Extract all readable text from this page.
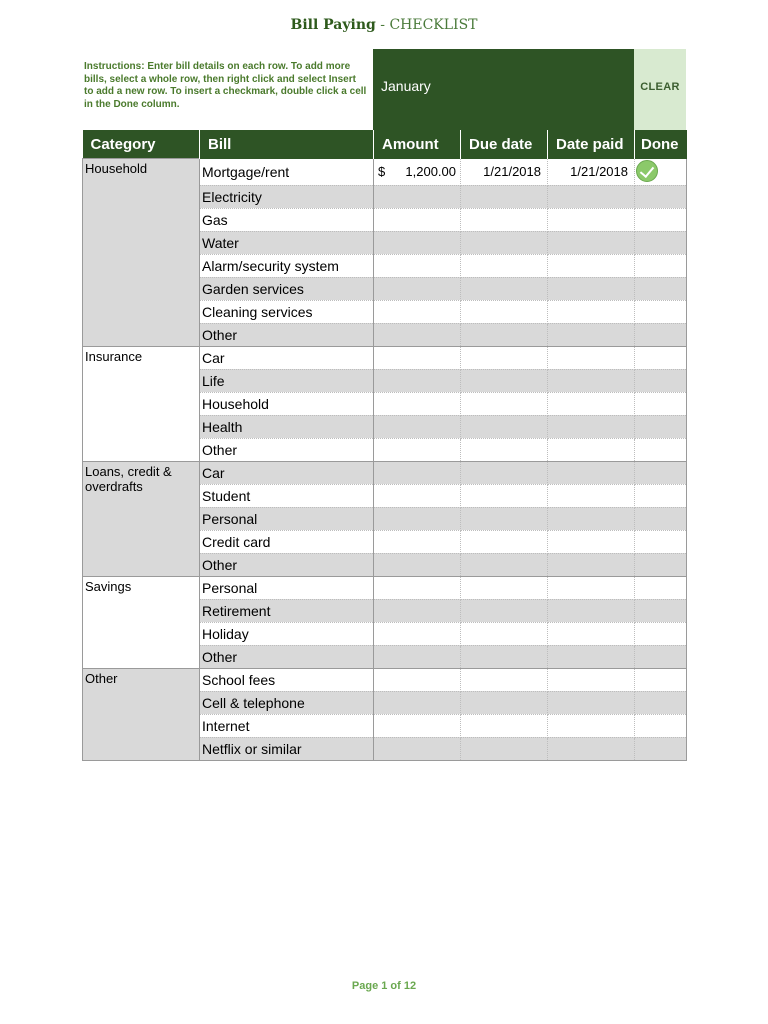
Bill Paying - CHECKLIST
Instructions: Enter bill details on each row. To add more bills, select a whole row, then right click and select Insert to add a new row. To insert a checkmark, double click a cell in the Done column.
January	CLEAR
Category	Bill	Amount	Due date	Date paid	Done
Household	Mortgage/rent	$ 1,200.00	1/21/2018	1/21/2018	

	Electricity				
	Gas				
	Water				
	Alarm/security system				
	Garden services				
	Cleaning services				
	Other				
Insurance	Car				
	Life				
	Household				
	Health				
	Other				
Loans, credit & overdrafts	Car				
	Student				
	Personal				
	Credit card				
	Other				
Savings	Personal				
	Retirement				
	Holiday				
	Other				
Other	School fees				
	Cell & telephone				
	Internet				
	Netflix or similar				
Page 1 of 12
